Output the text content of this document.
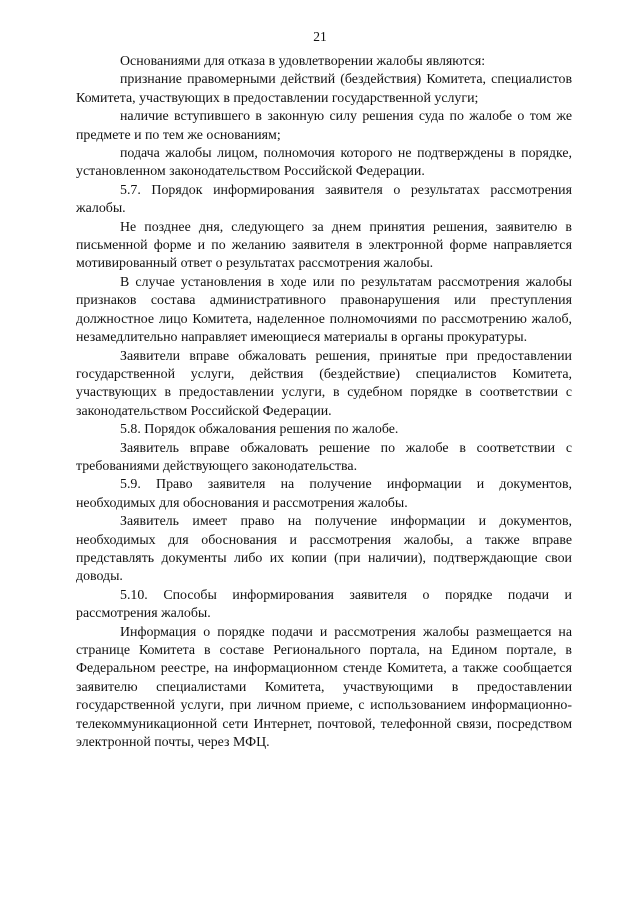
21

Основаниями для отказа в удовлетворении жалобы являются:

признание правомерными действий (бездействия) Комитета, специалистов Комитета, участвующих в предоставлении государственной услуги;

наличие вступившего в законную силу решения суда по жалобе о том же предмете и по тем же основаниям;

подача жалобы лицом, полномочия которого не подтверждены в порядке, установленном законодательством Российской Федерации.

5.7. Порядок информирования заявителя о результатах рассмотрения жалобы.

Не позднее дня, следующего за днем принятия решения, заявителю в письменной форме и по желанию заявителя в электронной форме направляется мотивированный ответ о результатах рассмотрения жалобы.

В случае установления в ходе или по результатам рассмотрения жалобы признаков состава административного правонарушения или преступления должностное лицо Комитета, наделенное полномочиями по рассмотрению жалоб, незамедлительно направляет имеющиеся материалы в органы прокуратуры.

Заявители вправе обжаловать решения, принятые при предоставлении государственной услуги, действия (бездействие) специалистов Комитета, участвующих в предоставлении услуги, в судебном порядке в соответствии с законодательством Российской Федерации.

5.8. Порядок обжалования решения по жалобе.

Заявитель вправе обжаловать решение по жалобе в соответствии с требованиями действующего законодательства.

5.9. Право заявителя на получение информации и документов, необходимых для обоснования и рассмотрения жалобы.

Заявитель имеет право на получение информации и документов, необходимых для обоснования и рассмотрения жалобы, а также вправе представлять документы либо их копии (при наличии), подтверждающие свои доводы.

5.10. Способы информирования заявителя о порядке подачи и рассмотрения жалобы.

Информация о порядке подачи и рассмотрения жалобы размещается на странице Комитета в составе Регионального портала, на Едином портале, в Федеральном реестре, на информационном стенде Комитета, а также сообщается заявителю специалистами Комитета, участвующими в предоставлении государственной услуги, при личном приеме, с использованием информационно-телекоммуникационной сети Интернет, почтовой, телефонной связи, посредством электронной почты, через МФЦ.
